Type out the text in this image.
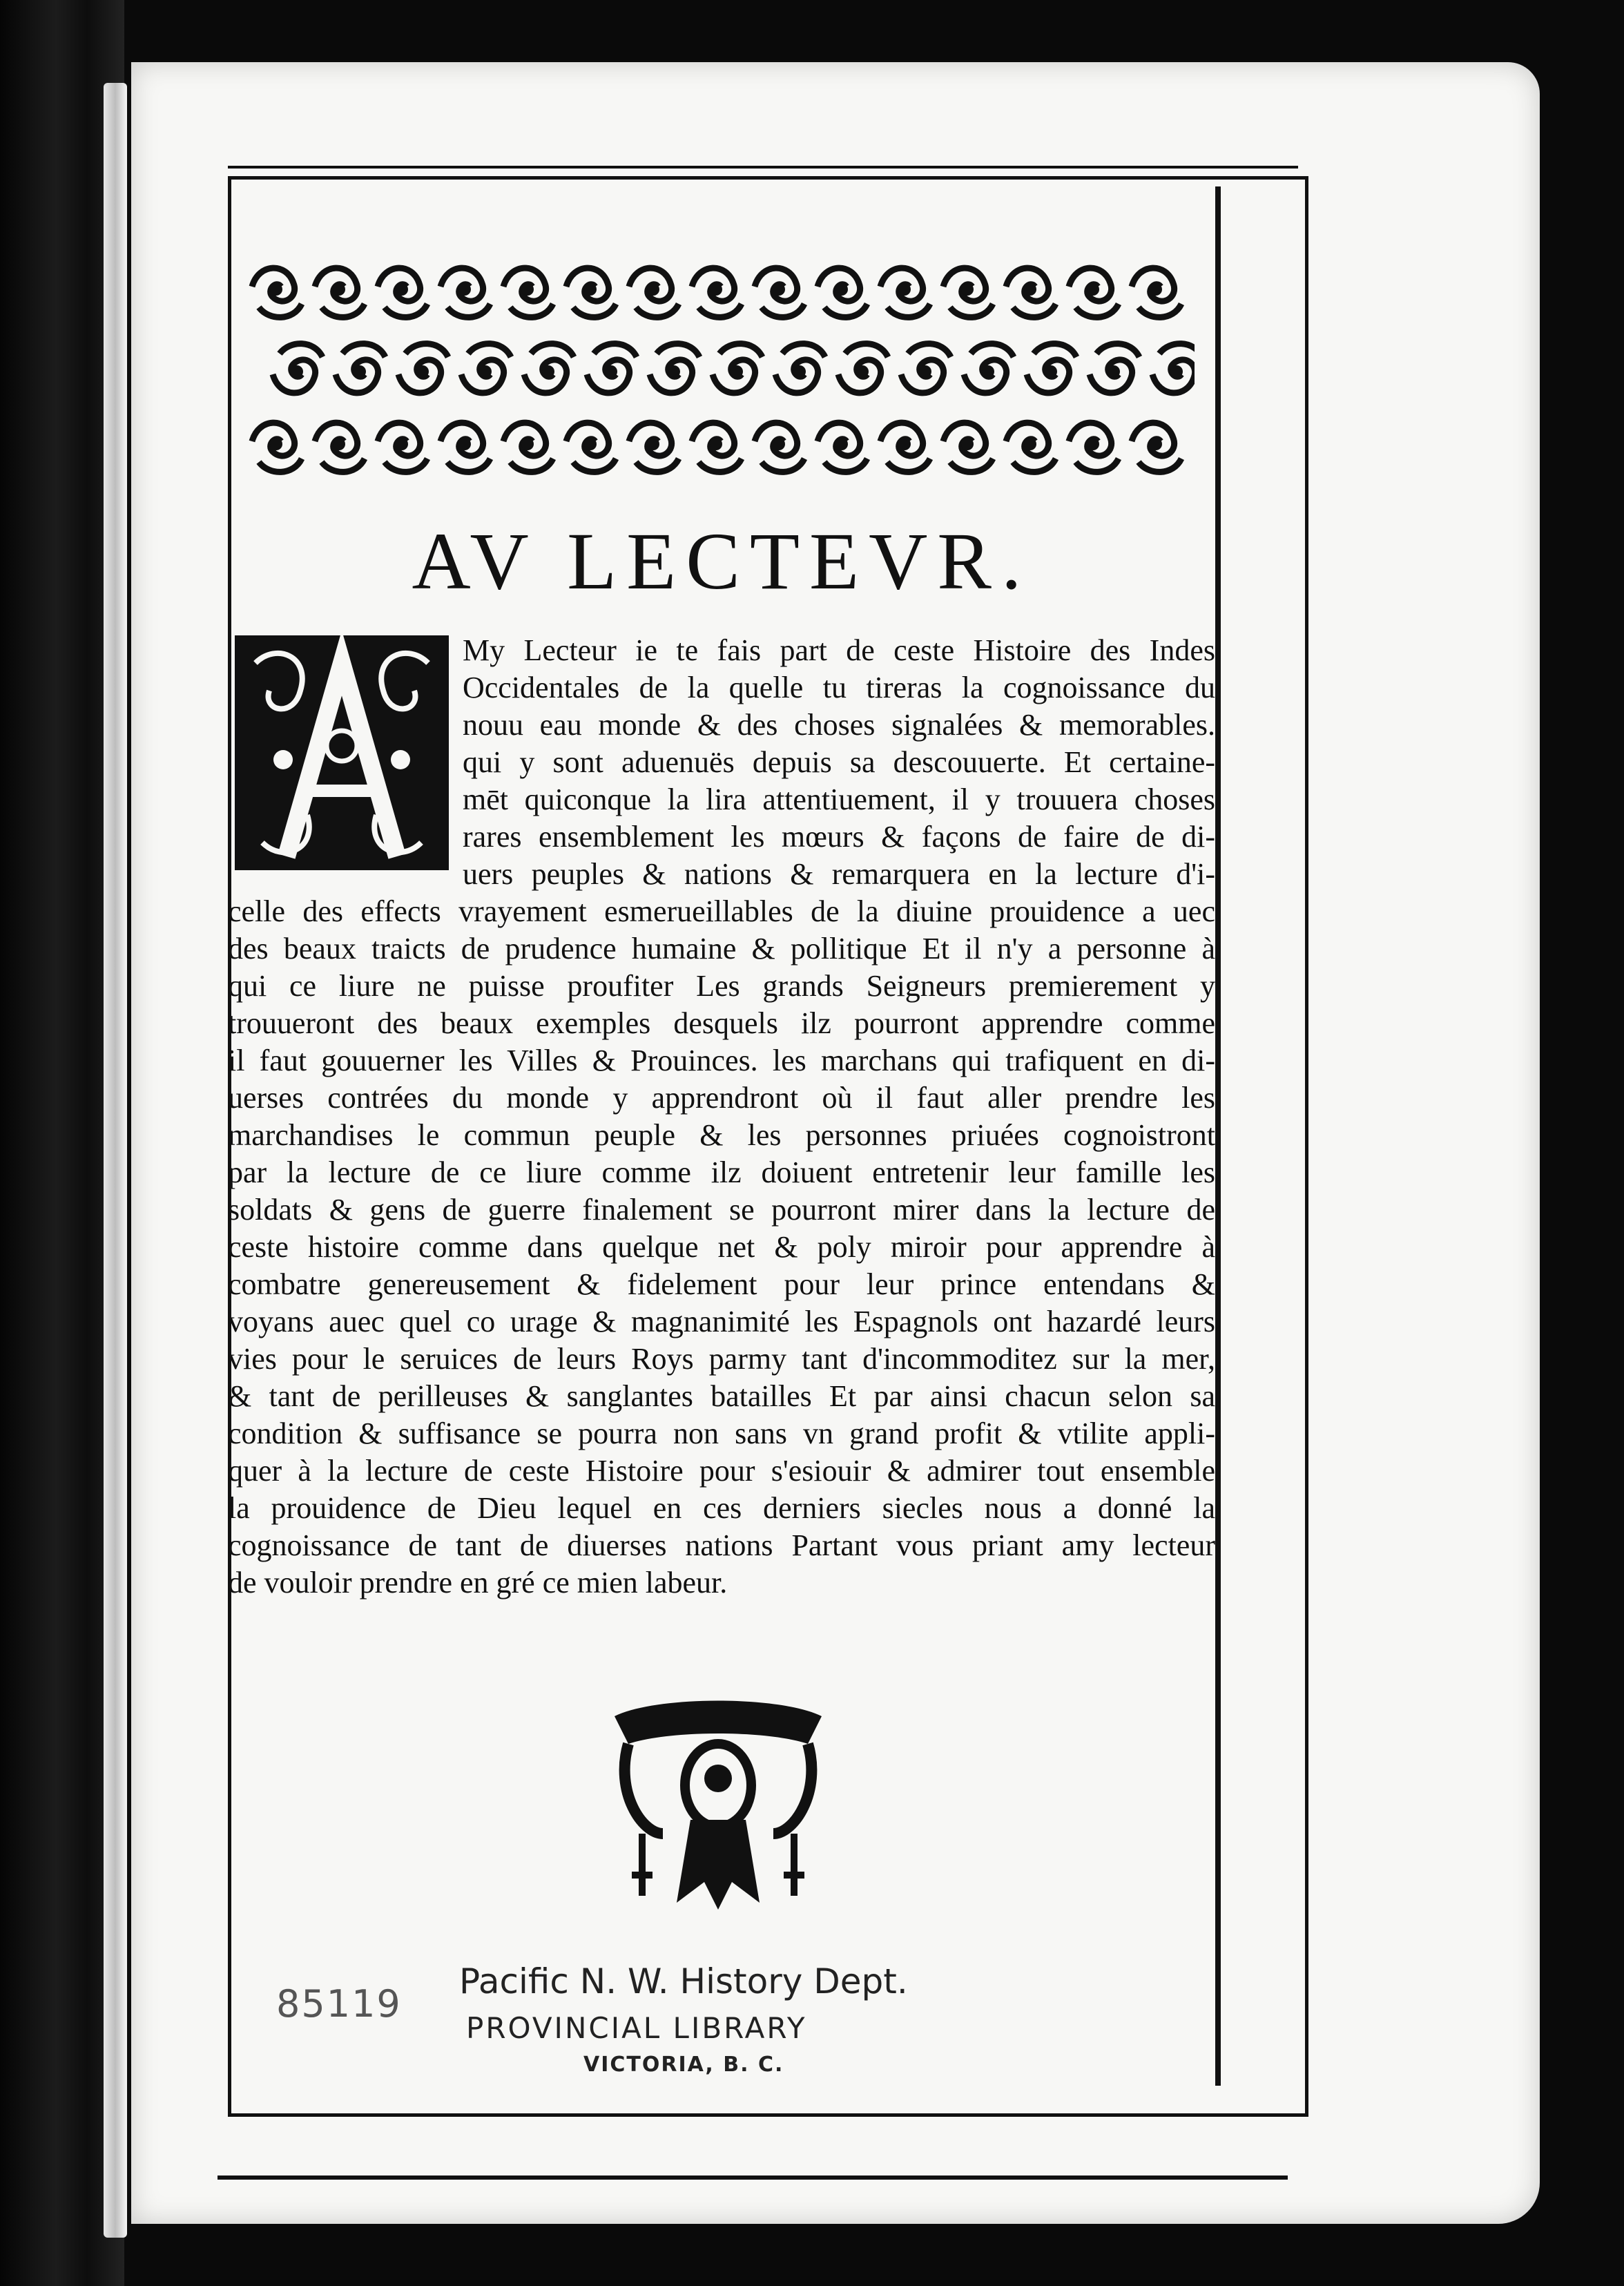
AV LECTEVR.
My Lecteur ie te fais part de ceste Histoire des Indes
Occidentales de la quelle tu tireras la cognoissance du
nouu eau monde & des choses signalées & memorables.
qui y sont aduenuës depuis sa descouuerte. Et certaine-
mēt quiconque la lira attentiuement, il y trouuera choses
rares ensemblement les mœurs & façons de faire de di-
uers peuples & nations & remarquera en la lecture d'i-
celle des effects vrayement esmerueillables de la diuine prouidence a uec
des beaux traicts de prudence humaine & pollitique Et il n'y a personne à
qui ce liure ne puisse proufiter Les grands Seigneurs premierement y
trouueront des beaux exemples desquels ilz pourront apprendre comme
il faut gouuerner les Villes & Prouinces. les marchans qui trafiquent en di-
uerses contrées du monde y apprendront où il faut aller prendre les
marchandises le commun peuple & les personnes priuées cognoistront
par la lecture de ce liure comme ilz doiuent entretenir leur famille les
soldats & gens de guerre finalement se pourront mirer dans la lecture de
ceste histoire comme dans quelque net & poly miroir pour apprendre à
combatre genereusement & fidelement pour leur prince entendans &
voyans auec quel co urage & magnanimité les Espagnols ont hazardé leurs
vies pour le seruices de leurs Roys parmy tant d'incommoditez sur la mer,
& tant de perilleuses & sanglantes batailles Et par ainsi chacun selon sa
condition & suffisance se pourra non sans vn grand profit & vtilite appli-
quer à la lecture de ceste Histoire pour s'esiouir & admirer tout ensemble
la prouidence de Dieu lequel en ces derniers siecles nous a donné la
cognoissance de tant de diuerses nations Partant vous priant amy lecteur
de vouloir prendre en gré ce mien labeur.
85119
Pacific N. W. History Dept.
PROVINCIAL LIBRARY
VICTORIA, B. C.
